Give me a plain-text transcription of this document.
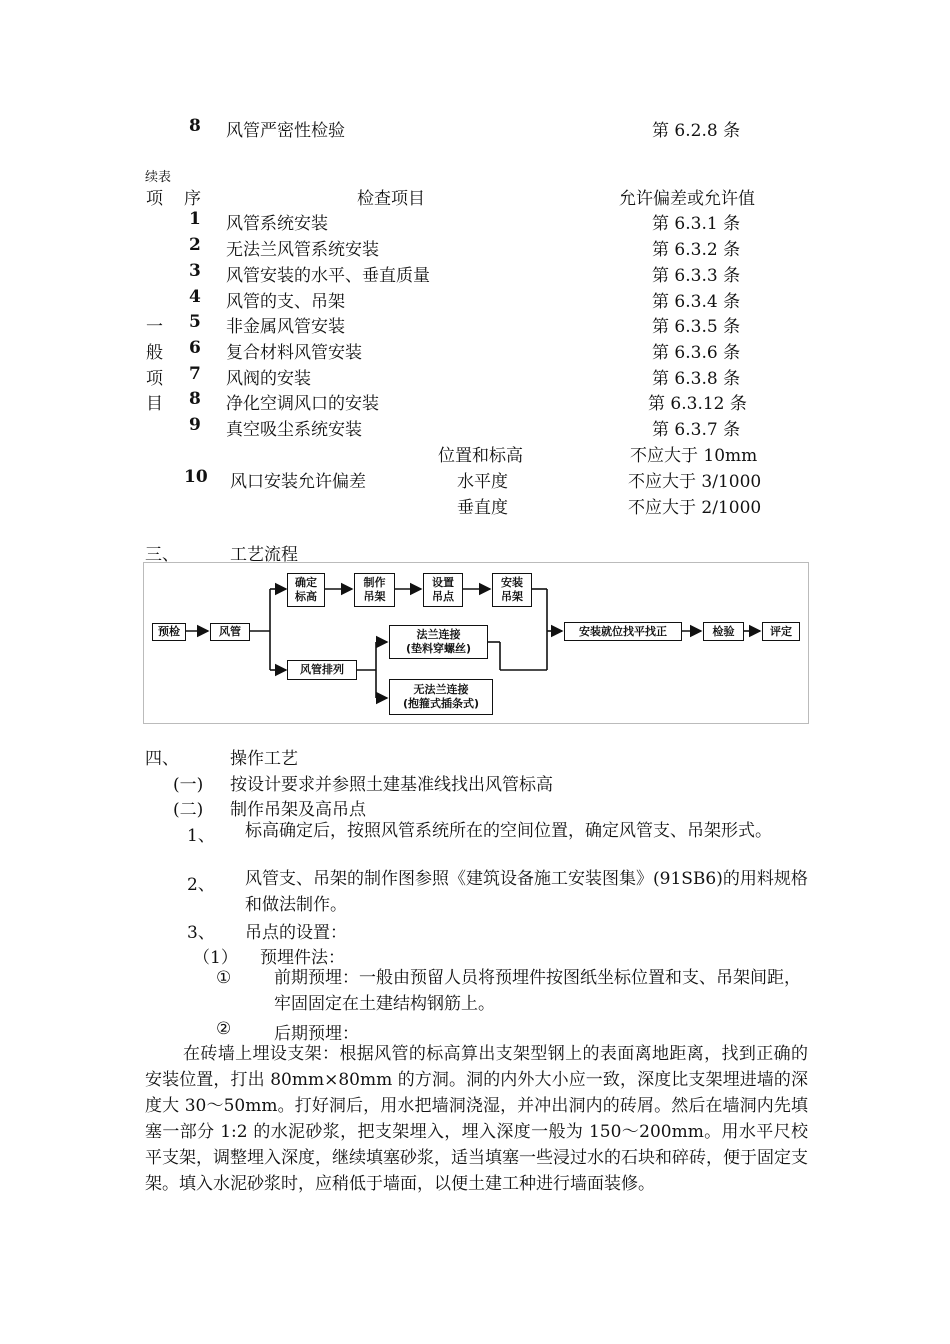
8 风管严密性检验	第 6.2.8 条
续表
项 序	检查项目	允许偏差或允许值
一
般
项
目
1 风管系统安装	第 6.3.1 条
2 无法兰风管系统安装	第 6.3.2 条
3 风管安装的水平、垂直质量	第 6.3.3 条
4 风管的支、吊架	第 6.3.4 条
5 非金属风管安装	第 6.3.5 条
6 复合材料风管安装	第 6.3.6 条
7 风阀的安装	第 6.3.8 条
8 净化空调风口的安装	第 6.3.12 条
9 真空吸尘系统安装	第 6.3.7 条
10 风口安装允许偏差
位置和标高	不应大于 10mm
水平度	不应大于 3/1000
垂直度	不应大于 2/1000
三、	工艺流程
预检	风管
确定
标高
制作
吊架
设置
吊点
安装
吊架
风管排列
法兰连接
(垫料穿螺丝)
无法兰连接
(抱箍式插条式)
安装就位找平找正	检验	评定
四、	操作工艺
(一) 按设计要求并参照土建基准线找出风管标高
(二) 制作吊架及高吊点
1、 标高确定后，按照风管系统所在的空间位置，确定风管支、吊架形式。
2、 风管支、吊架的制作图参照《建筑设备施工安装图集》(91SB6)的用料规格和做法制作。
3、 吊点的设置：
（1） 预埋件法：
①	前期预埋：一般由预留人员将预埋件按图纸坐标位置和支、吊架间距，牢固固定在土建结构钢筋上。
②	后期预埋：
在砖墙上埋设支架：根据风管的标高算出支架型钢上的表面离地距离，找到正确的安装位置，打出 80mm×80mm 的方洞。洞的内外大小应一致，深度比支架埋进墙的深度大 30～50mm。打好洞后，用水把墙洞浇湿，并冲出洞内的砖屑。然后在墙洞内先填塞一部分 1:2 的水泥砂浆，把支架埋入，埋入深度一般为 150～200mm。用水平尺校平支架，调整埋入深度，继续填塞砂浆，适当填塞一些浸过水的石块和碎砖，便于固定支架。填入水泥砂浆时，应稍低于墙面，以便土建工种进行墙面装修。
